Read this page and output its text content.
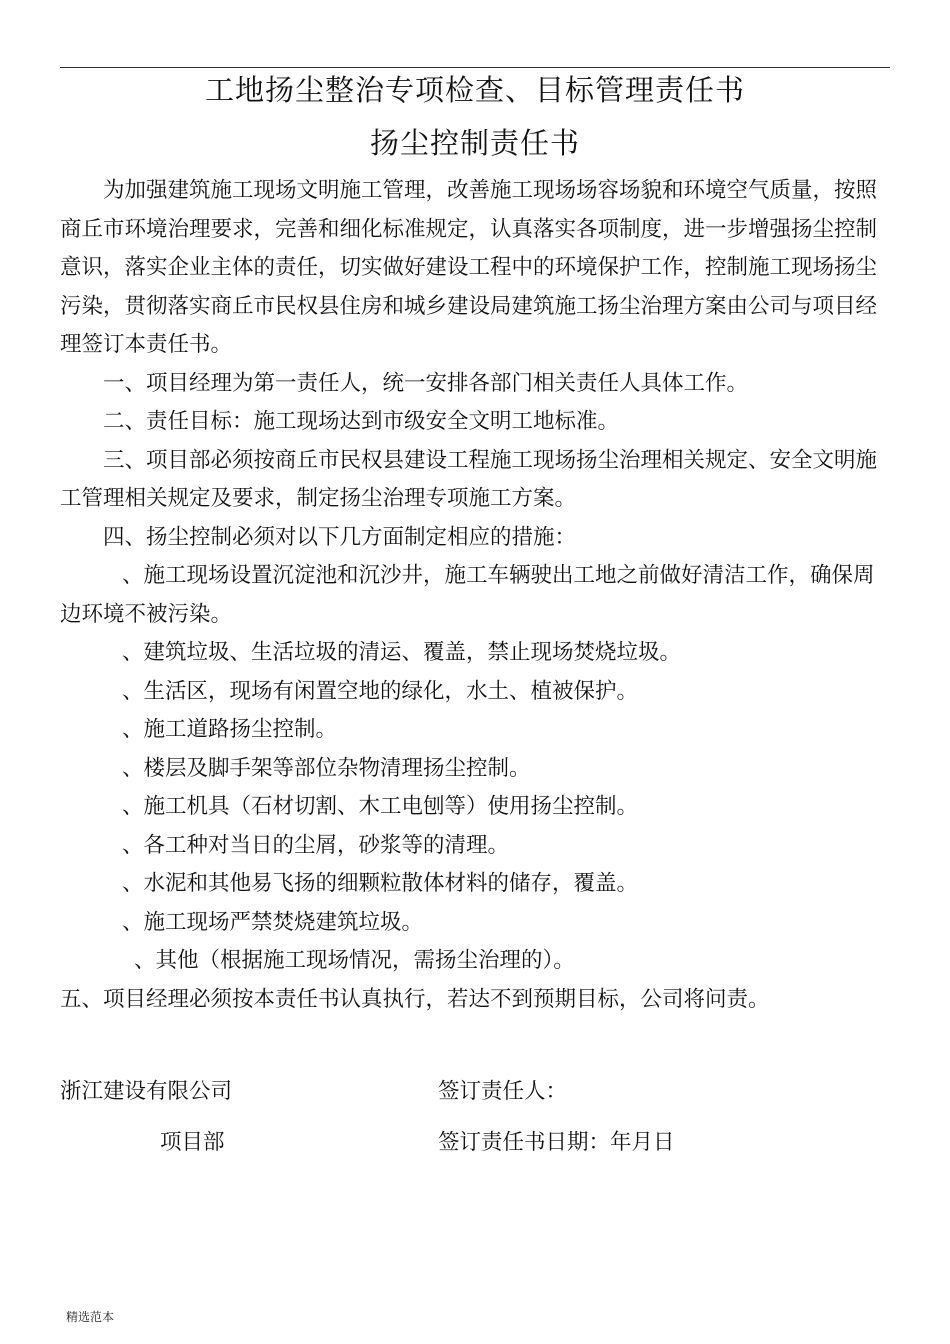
工地扬尘整治专项检查、目标管理责任书
扬尘控制责任书

为加强建筑施工现场文明施工管理，改善施工现场场容场貌和环境空气质量，按照商丘市环境治理要求，完善和细化标准规定，认真落实各项制度，进一步增强扬尘控制意识，落实企业主体的责任，切实做好建设工程中的环境保护工作，控制施工现场扬尘污染，贯彻落实商丘市民权县住房和城乡建设局建筑施工扬尘治理方案由公司与项目经理签订本责任书。

一、项目经理为第一责任人，统一安排各部门相关责任人具体工作。

二、责任目标：施工现场达到市级安全文明工地标准。

三、项目部必须按商丘市民权县建设工程施工现场扬尘治理相关规定、安全文明施工管理相关规定及要求，制定扬尘治理专项施工方案。

四、扬尘控制必须对以下几方面制定相应的措施：

、施工现场设置沉淀池和沉沙井，施工车辆驶出工地之前做好清洁工作，确保周边环境不被污染。

、建筑垃圾、生活垃圾的清运、覆盖，禁止现场焚烧垃圾。

、生活区，现场有闲置空地的绿化，水土、植被保护。

、施工道路扬尘控制。

、楼层及脚手架等部位杂物清理扬尘控制。

、施工机具（石材切割、木工电刨等）使用扬尘控制。

、各工种对当日的尘屑，砂浆等的清理。

、水泥和其他易飞扬的细颗粒散体材料的储存，覆盖。

、施工现场严禁焚烧建筑垃圾。

、其他（根据施工现场情况，需扬尘治理的）。

五、项目经理必须按本责任书认真执行，若达不到预期目标，公司将问责。

浙江建设有限公司	签订责任人：
项目部	签订责任书日期：年月日
精选范本
